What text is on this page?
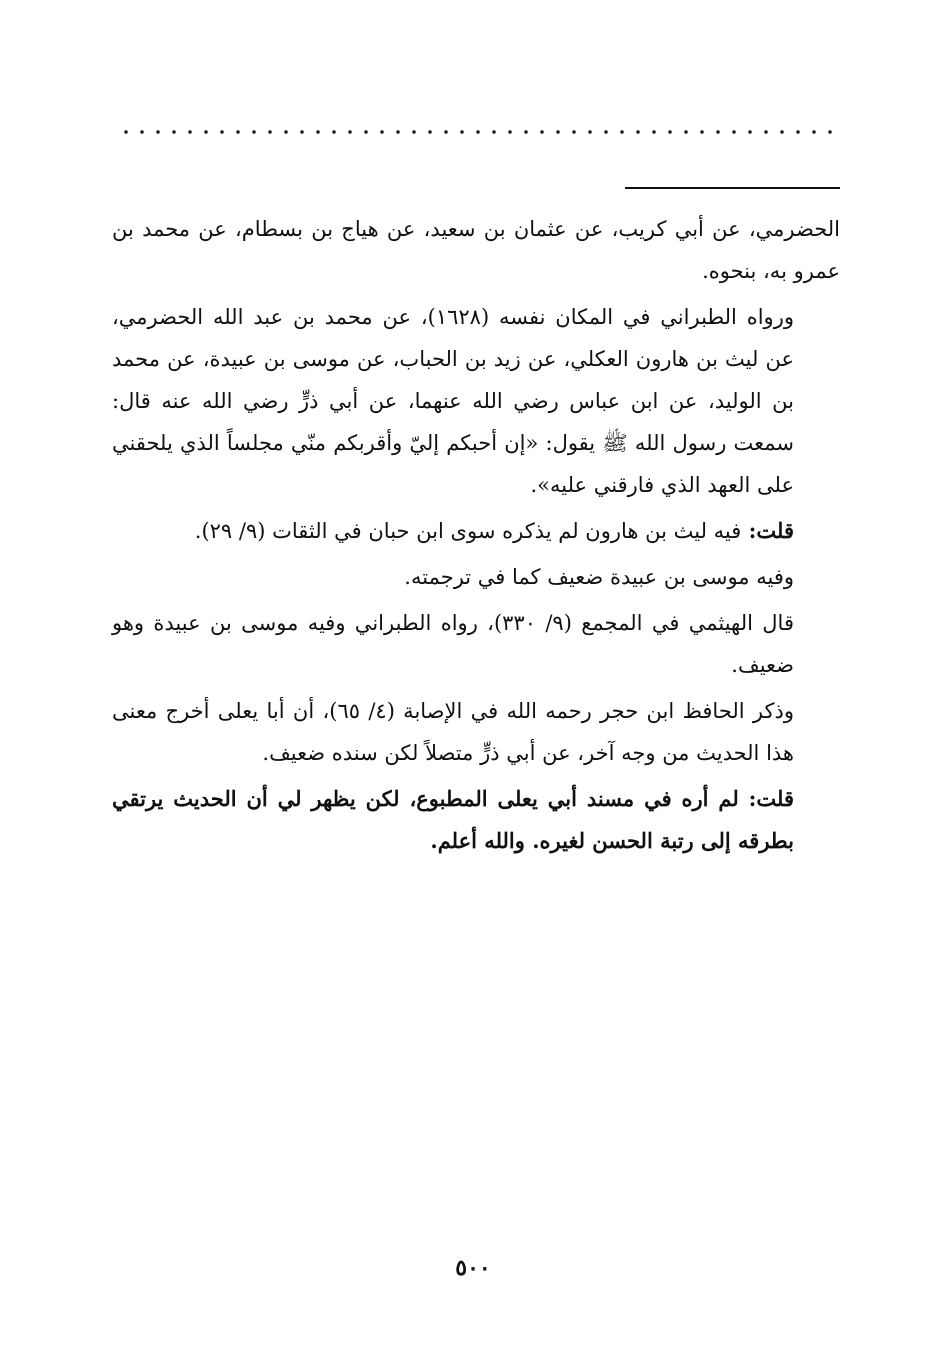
الحضرمي، عن أبي كريب، عن عثمان بن سعيد، عن هياج بن بسطام، عن محمد بن عمرو به، بنحوه.

ورواه الطبراني في المكان نفسه (١٦٢٨)، عن محمد بن عبد الله الحضرمي، عن ليث بن هارون العكلي، عن زيد بن الحباب، عن موسى بن عبيدة، عن محمد بن الوليد، عن ابن عباس رضي الله عنهما، عن أبي ذرٍّ رضي الله عنه قال: سمعت رسول الله ﷺ يقول: «إن أحبكم إليّ وأقربكم منّي مجلساً الذي يلحقني على العهد الذي فارقني عليه».

قلت: فيه ليث بن هارون لم يذكره سوى ابن حبان في الثقات (٩/ ٢٩).

وفيه موسى بن عبيدة ضعيف كما في ترجمته.

قال الهيثمي في المجمع (٩/ ٣٣٠)، رواه الطبراني وفيه موسى بن عبيدة وهو ضعيف.

وذكر الحافظ ابن حجر رحمه الله في الإصابة (٤/ ٦٥)، أن أبا يعلى أخرج معنى هذا الحديث من وجه آخر، عن أبي ذرٍّ متصلاً لكن سنده ضعيف.

قلت: لم أره في مسند أبي يعلى المطبوع، لكن يظهر لي أن الحديث يرتقي بطرقه إلى رتبة الحسن لغيره. والله أعلم.

٥٠٠
